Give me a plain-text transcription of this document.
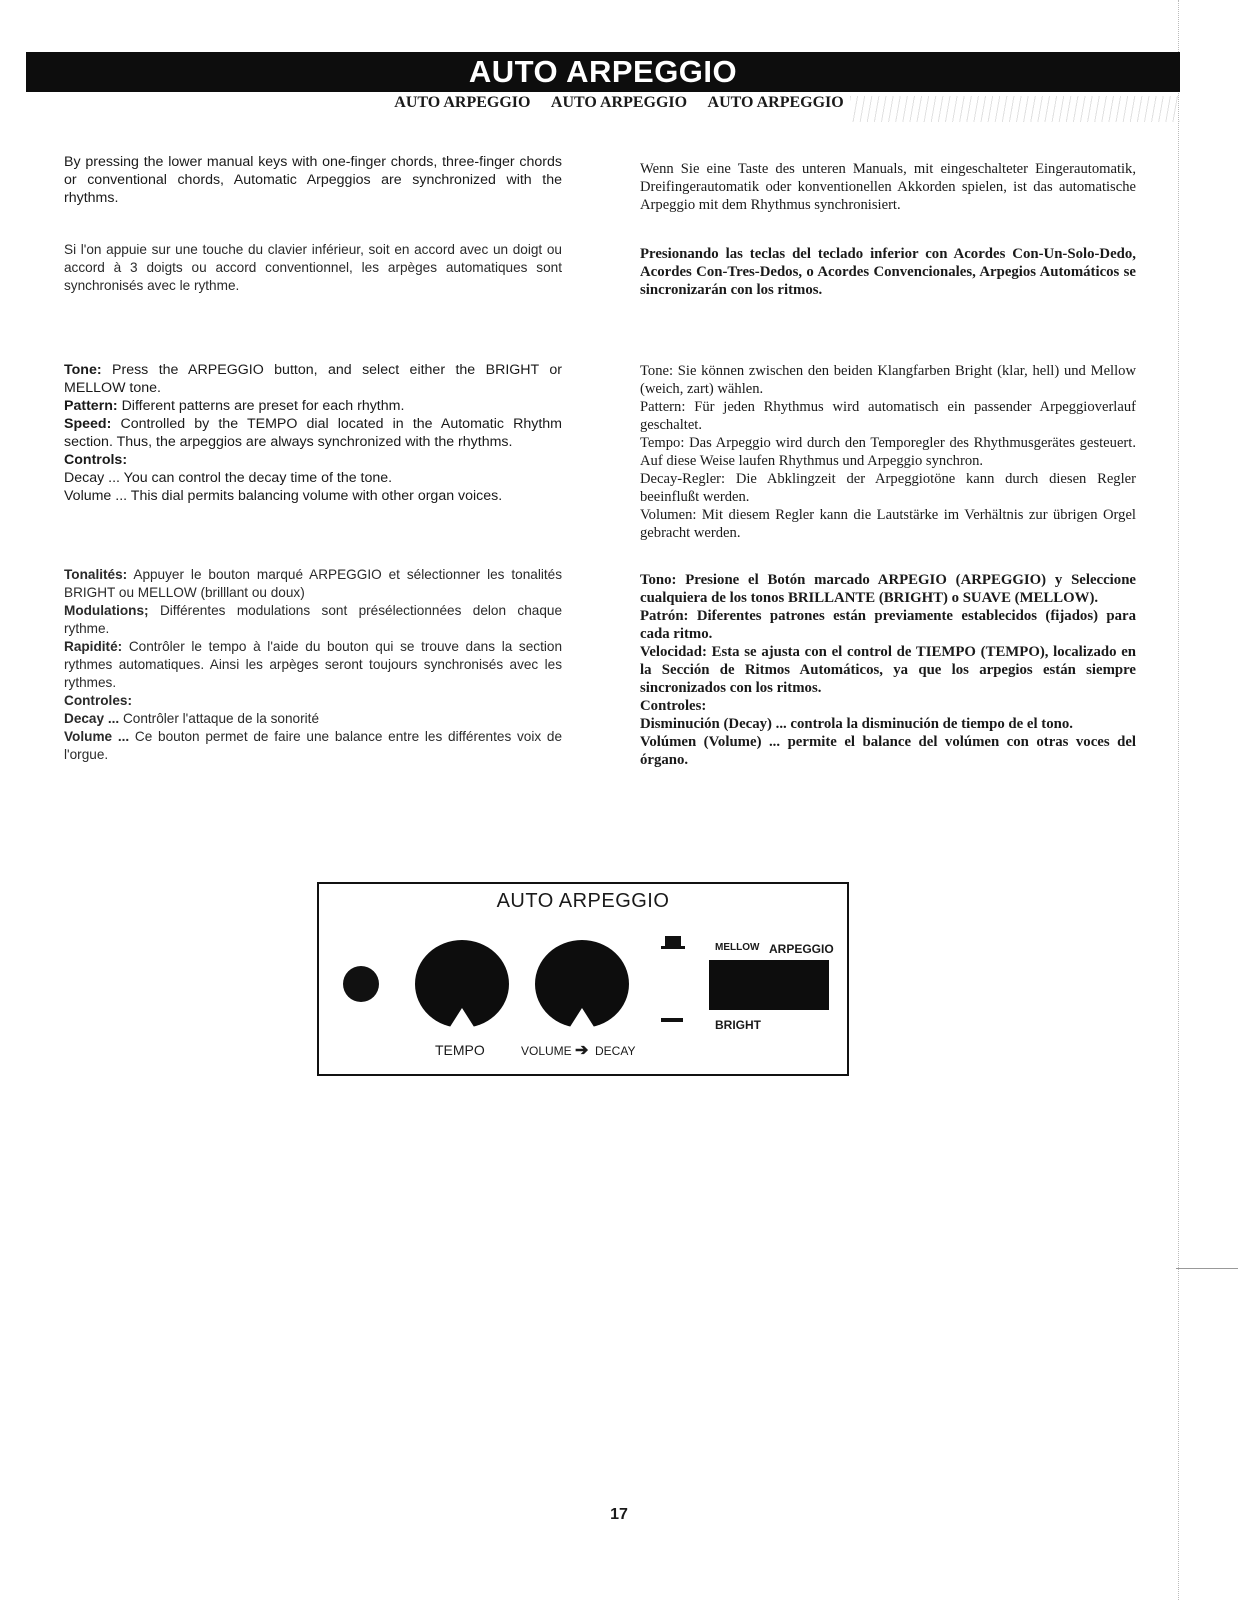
AUTO ARPEGGIO
AUTO ARPEGGIO AUTO ARPEGGIO AUTO ARPEGGIO

By pressing the lower manual keys with one-finger chords, three-finger chords or conventional chords, Automatic Arpeggios are synchronized with the rhythms.

Si l'on appuie sur une touche du clavier inférieur, soit en accord avec un doigt ou accord à 3 doigts ou accord conventionnel, les arpèges automatiques sont synchronisés avec le rythme.

Wenn Sie eine Taste des unteren Manuals, mit eingeschalteter Eingerautomatik, Dreifingerautomatik oder konventionellen Akkorden spielen, ist das automatische Arpeggio mit dem Rhythmus synchronisiert.

Presionando las teclas del teclado inferior con Acordes Con-Un-Solo-Dedo, Acordes Con-Tres-Dedos, o Acordes Convencionales, Arpegios Automáticos se sincronizarán con los ritmos.

Tone: Press the ARPEGGIO button, and select either the BRIGHT or MELLOW tone.

Pattern: Different patterns are preset for each rhythm.

Speed: Controlled by the TEMPO dial located in the Automatic Rhythm section. Thus, the arpeggios are always synchronized with the rhythms.

Controls:

Decay ... You can control the decay time of the tone.

Volume ... This dial permits balancing volume with other organ voices.

Tonalités: Appuyer le bouton marqué ARPEGGIO et sélectionner les tonalités BRIGHT ou MELLOW (brilllant ou doux)

Modulations; Différentes modulations sont présélectionnées delon chaque rythme.

Rapidité: Contrôler le tempo à l'aide du bouton qui se trouve dans la section rythmes automatiques. Ainsi les arpèges seront toujours synchronisés avec les rythmes.

Controles:

Decay ... Contrôler l'attaque de la sonorité

Volume ... Ce bouton permet de faire une balance entre les différentes voix de l'orgue.

Tone: Sie können zwischen den beiden Klangfarben Bright (klar, hell) und Mellow (weich, zart) wählen.

Pattern: Für jeden Rhythmus wird automatisch ein passender Arpeggioverlauf geschaltet.

Tempo: Das Arpeggio wird durch den Temporegler des Rhythmusgerätes gesteuert. Auf diese Weise laufen Rhythmus und Arpeggio synchron.

Decay-Regler: Die Abklingzeit der Arpeggiotöne kann durch diesen Regler beeinflußt werden.

Volumen: Mit diesem Regler kann die Lautstärke im Verhältnis zur übrigen Orgel gebracht werden.

Tono: Presione el Botón marcado ARPEGIO (ARPEGGIO) y Seleccione cualquiera de los tonos BRILLANTE (BRIGHT) o SUAVE (MELLOW).

Patrón: Diferentes patrones están previamente establecidos (fijados) para cada ritmo.

Velocidad: Esta se ajusta con el control de TIEMPO (TEMPO), localizado en la Sección de Ritmos Automáticos, ya que los arpegios están siempre sincronizados con los ritmos.

Controles:

Disminución (Decay) ... controla la disminución de tiempo de el tono.

Volúmen (Volume) ... permite el balance del volúmen con otras voces del órgano.

AUTO ARPEGGIO
TEMPO	VOLUME ➔ DECAY
MELLOW ARPEGGIO
BRIGHT
17
